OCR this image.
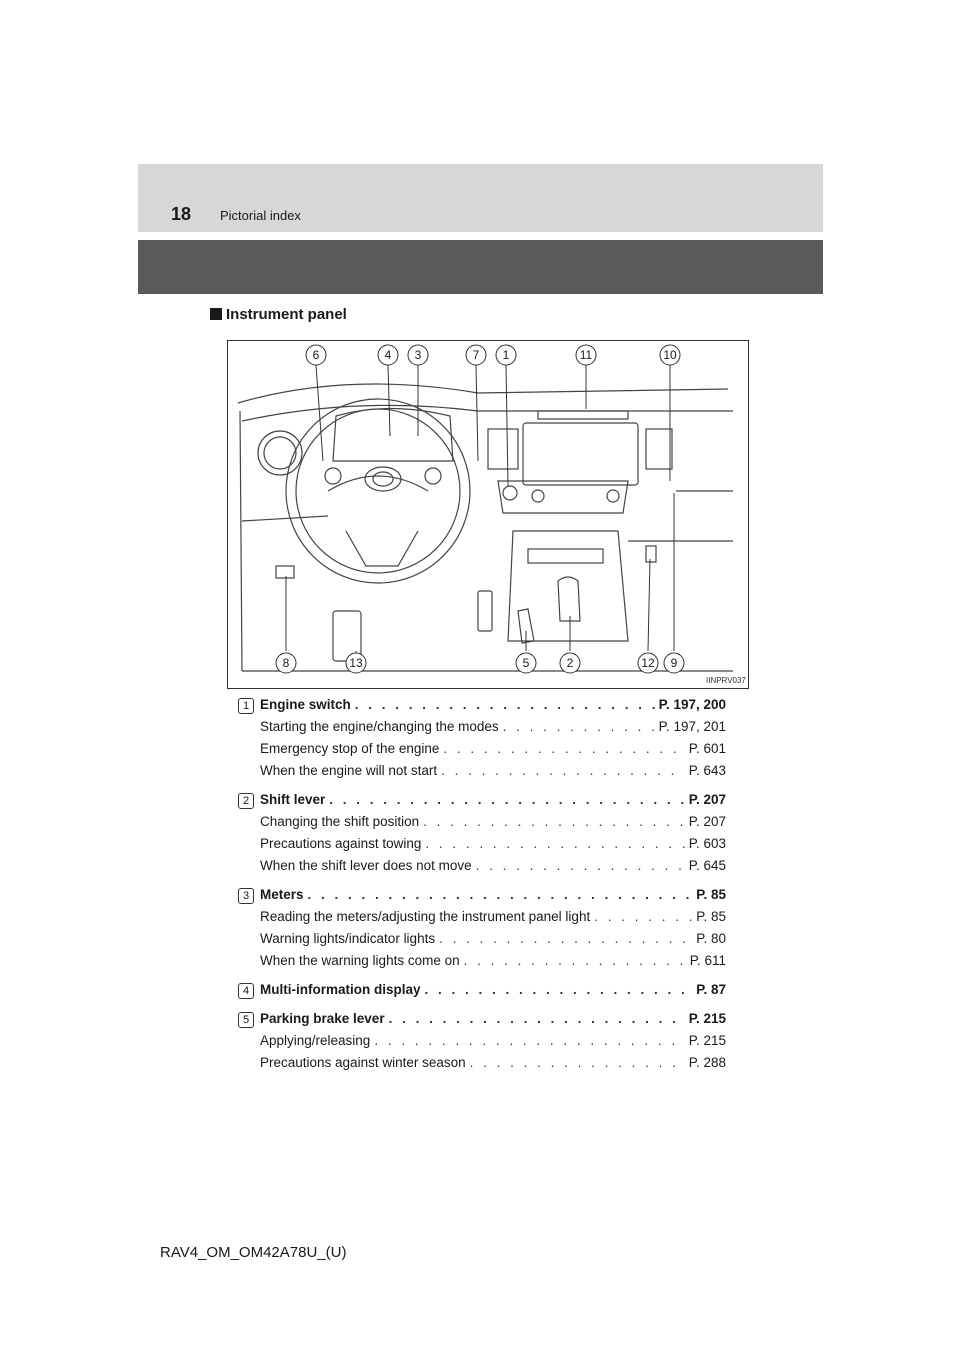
18 Pictorial index
Instrument panel
6	4 3	7 1	11	10
8	13	5	2	12 9
IINPRV037
1 Engine switch . . .	P. 197, 200
Starting the engine/changing the modes . . .	P. 197, 201
Emergency stop of the engine . . .	P. 601
When the engine will not start . . .	P. 643
2 Shift lever . . .	P. 207
Changing the shift position . . .	P. 207
Precautions against towing . . .	P. 603
When the shift lever does not move . . .	P. 645
3 Meters . . .	P. 85
Reading the meters/adjusting the instrument panel light . . .	P. 85
Warning lights/indicator lights . . .	P. 80
When the warning lights come on . . .	P. 611
4 Multi-information display . . .	P. 87
5 Parking brake lever . . .	P. 215
Applying/releasing . . .	P. 215
Precautions against winter season . . .	P. 288
RAV4_OM_OM42A78U_(U)
